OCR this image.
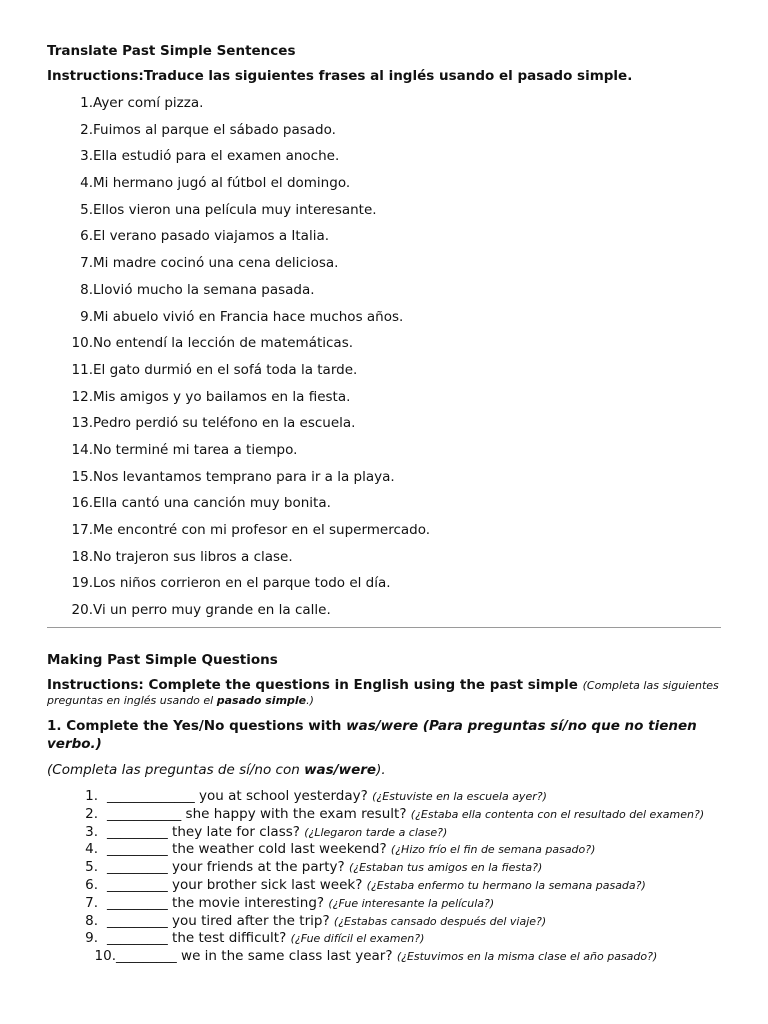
Translate Past Simple Sentences
Instructions:Traduce las siguientes frases al inglés usando el pasado simple.
1. Ayer comí pizza.
2. Fuimos al parque el sábado pasado.
3. Ella estudió para el examen anoche.
4. Mi hermano jugó al fútbol el domingo.
5. Ellos vieron una película muy interesante.
6. El verano pasado viajamos a Italia.
7. Mi madre cocinó una cena deliciosa.
8. Llovió mucho la semana pasada.
9. Mi abuelo vivió en Francia hace muchos años.
10. No entendí la lección de matemáticas.
11. El gato durmió en el sofá toda la tarde.
12. Mis amigos y yo bailamos en la fiesta.
13. Pedro perdió su teléfono en la escuela.
14. No terminé mi tarea a tiempo.
15. Nos levantamos temprano para ir a la playa.
16. Ella cantó una canción muy bonita.
17. Me encontré con mi profesor en el supermercado.
18. No trajeron sus libros a clase.
19. Los niños corrieron en el parque todo el día.
20. Vi un perro muy grande en la calle.
Making Past Simple Questions
Instructions: Complete the questions in English using the past simple (Completa las siguientes preguntas en inglés usando el pasado simple.)
1. Complete the Yes/No questions with was/were (Para preguntas sí/no que no tienen verbo.)
(Completa las preguntas de sí/no con was/were).
1. _____________ you at school yesterday? (¿Estuviste en la escuela ayer?)
2. ___________ she happy with the exam result? (¿Estaba ella contenta con el resultado del examen?)
3. _________ they late for class? (¿Llegaron tarde a clase?)
4. _________ the weather cold last weekend? (¿Hizo frío el fin de semana pasado?)
5. _________ your friends at the party? (¿Estaban tus amigos en la fiesta?)
6. _________ your brother sick last week? (¿Estaba enfermo tu hermano la semana pasada?)
7. _________ the movie interesting? (¿Fue interesante la película?)
8. _________ you tired after the trip? (¿Estabas cansado después del viaje?)
9. _________ the test difficult? (¿Fue difícil el examen?)
10. _________ we in the same class last year? (¿Estuvimos en la misma clase el año pasado?)
